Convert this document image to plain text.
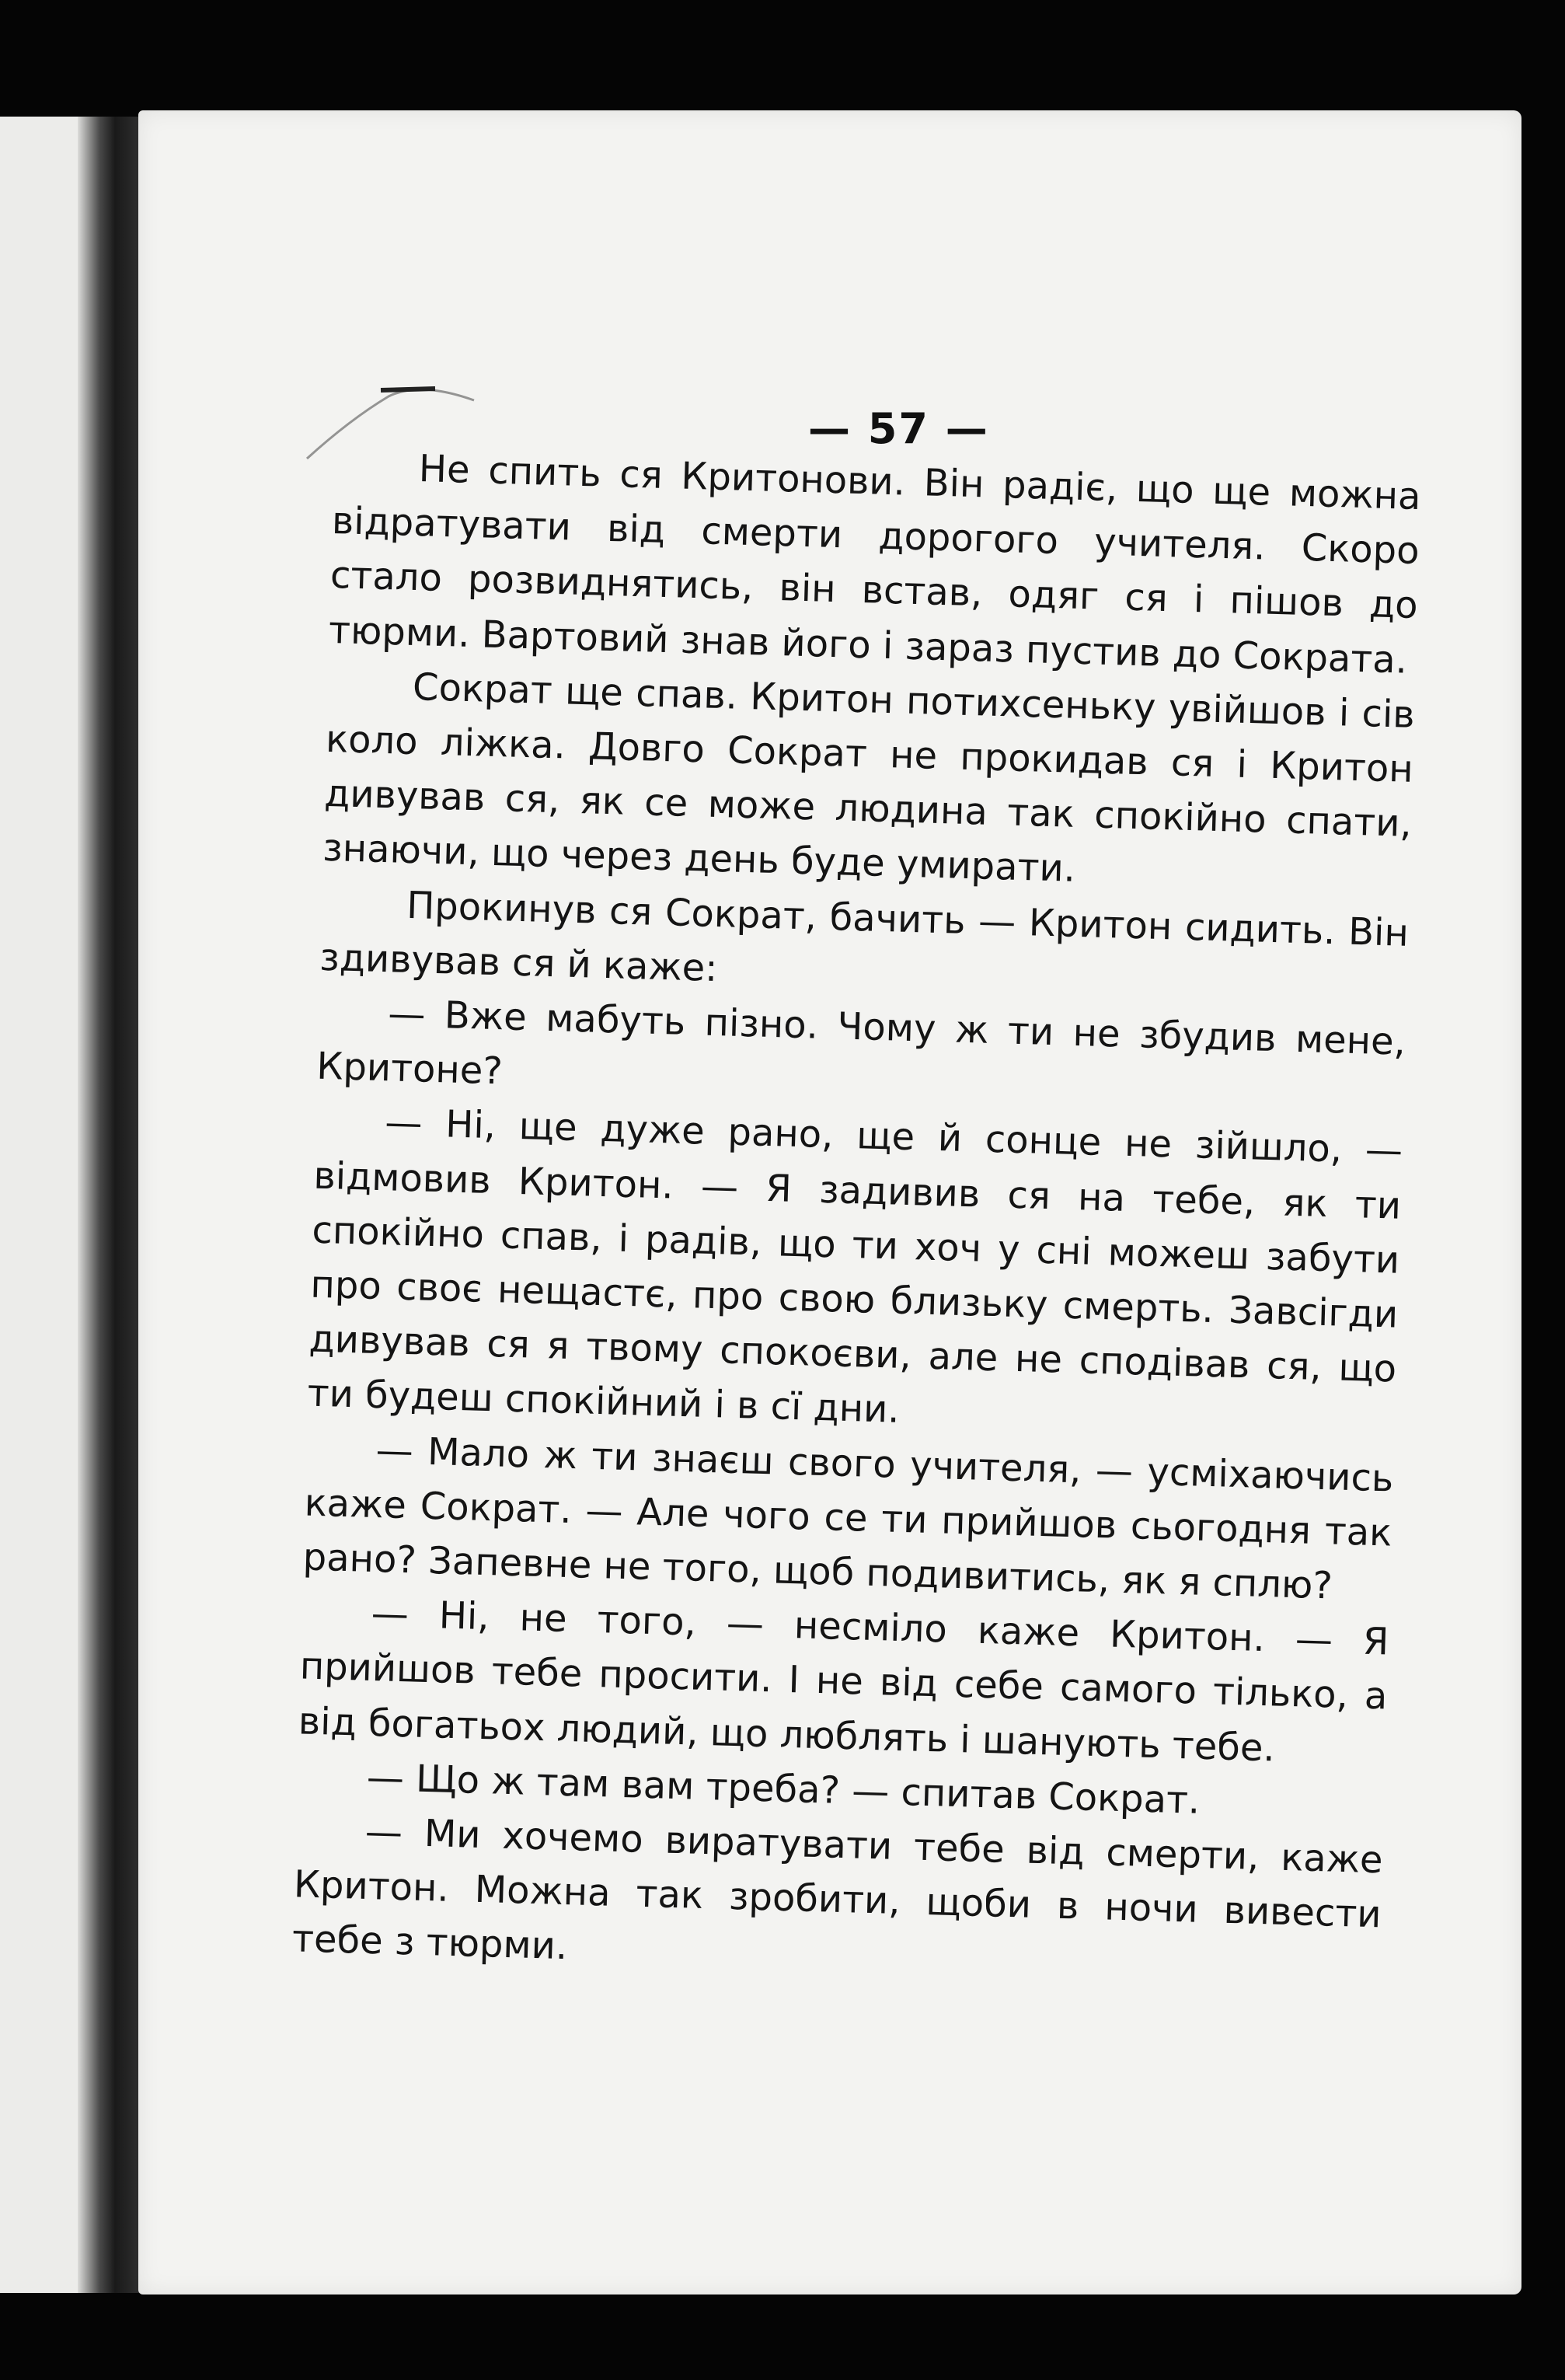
— 57 —

Не спить ся Критонови. Він радіє, що ще можна відратувати від смерти дорогого учителя. Скоро стало розвиднятись, він встав, одяг ся і пішов до тюрми. Вартовий знав його і зараз пустив до Сократа.

Сократ ще спав. Критон потихсеньку увійшов і сів коло ліжка. Довго Сократ не прокидав ся і Критон дивував ся, як се може людина так спокійно спати, знаючи, що через день буде умирати.

Прокинув ся Сократ, бачить — Критон сидить. Він здивував ся й каже:

— Вже мабуть пізно. Чому ж ти не збудив мене, Критоне?

— Ні, ще дуже рано, ще й сонце не зійшло, — відмовив Критон. — Я задивив ся на тебе, як ти спокійно спав, і радів, що ти хоч у сні можеш забути про своє нещастє, про свою близьку смерть. Завсігди дивував ся я твому спокоєви, але не сподівав ся, що ти будеш спокійний і в сї дни.

— Мало ж ти знаєш свого учителя, — усміхаючись каже Сократ. — Але чого се ти прийшов сьогодня так рано? Запевне не того, щоб подивитись, як я сплю?

— Ні, не того, — несміло каже Критон. — Я прийшов тебе просити. І не від себе самого тілько, а від богатьох людий, що люблять і шанують тебе.

— Що ж там вам треба? — спитав Сократ.

— Ми хочемо виратувати тебе від смерти, каже Критон. Можна так зробити, щоби в ночи вивести тебе з тюрми.
